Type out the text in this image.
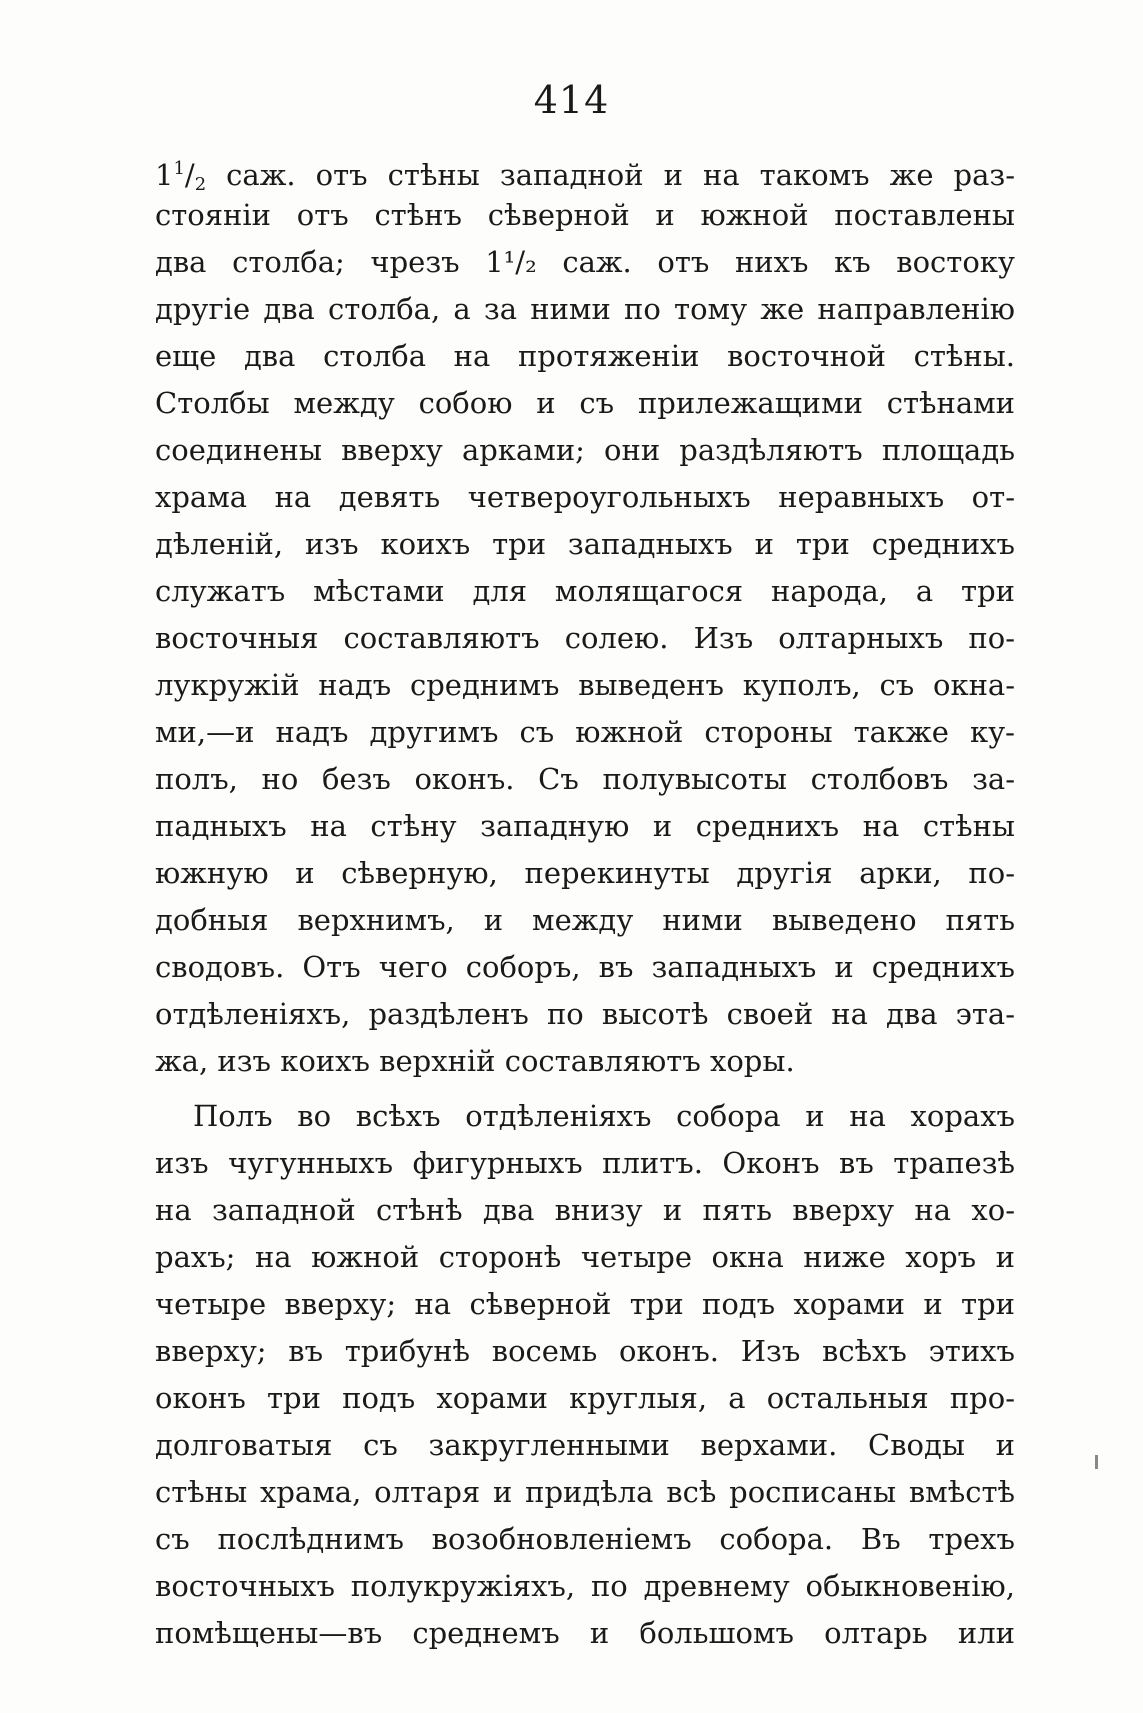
414
$1^1/2$ саж. отъ стѣны западной и на такомъ же раз-
стояніи отъ стѣнъ сѣверной и южной поставлены
два столба; чрезъ 1¹/₂ саж. отъ нихъ къ востоку
другіе два столба, а за ними по тому же направленію
еще два столба на протяженіи восточной стѣны.
Столбы между собою и съ прилежащими стѣнами
соединены вверху арками; они раздѣляютъ площадь
храма на девять четвероугольныхъ неравныхъ от-
дѣленій, изъ коихъ три западныхъ и три среднихъ
служатъ мѣстами для молящагося народа, а три
восточныя составляютъ солею. Изъ олтарныхъ по-
лукружій надъ среднимъ выведенъ куполъ, съ окна-
ми,—и надъ другимъ съ южной стороны также ку-
полъ, но безъ оконъ. Съ полувысоты столбовъ за-
падныхъ на стѣну западную и среднихъ на стѣны
южную и сѣверную, перекинуты другія арки, по-
добныя верхнимъ, и между ними выведено пять
сводовъ. Отъ чего соборъ, въ западныхъ и среднихъ
отдѣленіяхъ, раздѣленъ по высотѣ своей на два эта-
жа, изъ коихъ верхній составляютъ хоры.
Полъ во всѣхъ отдѣленіяхъ собора и на хорахъ
изъ чугунныхъ фигурныхъ плитъ. Оконъ въ трапезѣ
на западной стѣнѣ два внизу и пять вверху на хо-
рахъ; на южной сторонѣ четыре окна ниже хоръ и
четыре вверху; на сѣверной три подъ хорами и три
вверху; въ трибунѣ восемь оконъ. Изъ всѣхъ этихъ
оконъ три подъ хорами круглыя, а остальныя про-
долговатыя съ закругленными верхами. Своды и
стѣны храма, олтаря и придѣла всѣ росписаны вмѣстѣ
съ послѣднимъ возобновленіемъ собора. Въ трехъ
восточныхъ полукружіяхъ, по древнему обыкновенію,
помѣщены—въ среднемъ и большомъ олтарь или
